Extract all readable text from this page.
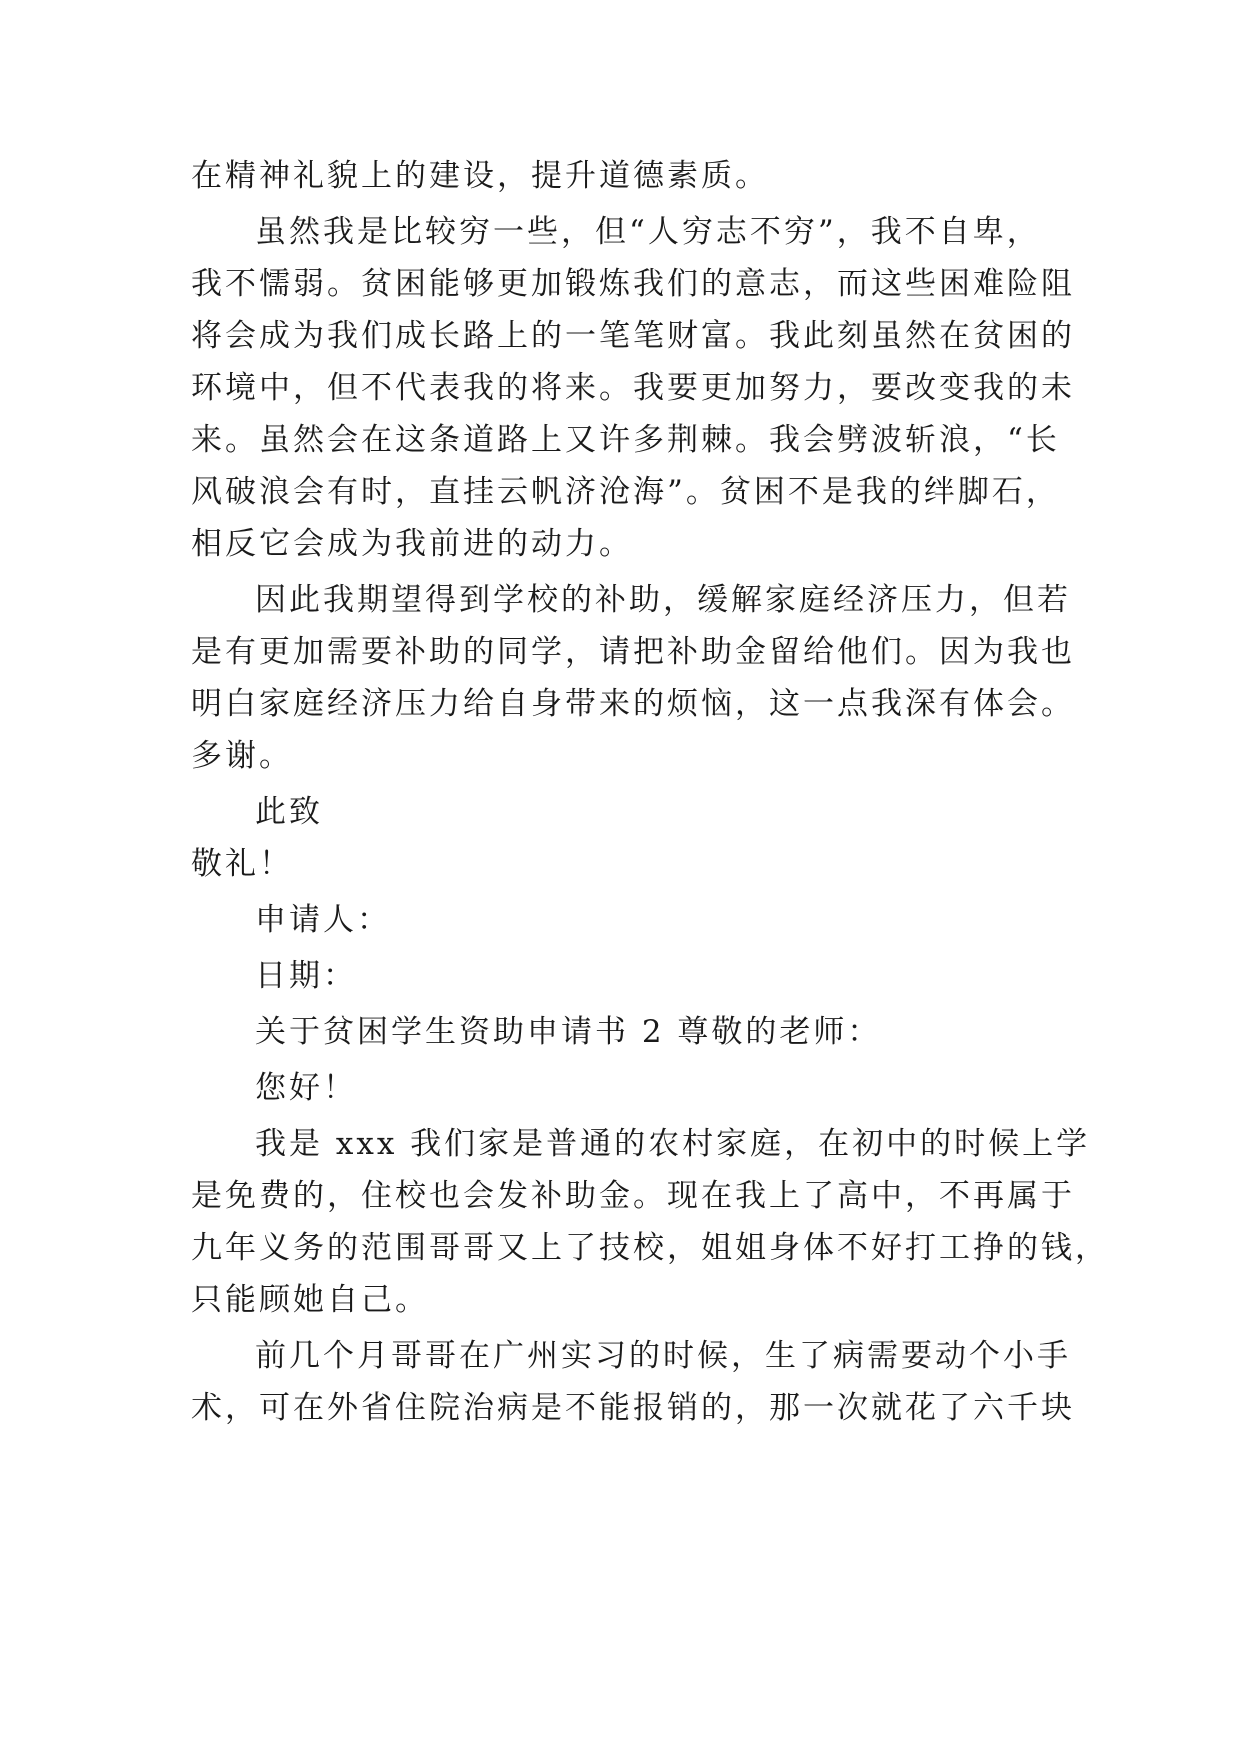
在精神礼貌上的建设，提升道德素质。
虽然我是比较穷一些，但“人穷志不穷”，我不自卑，
我不懦弱。贫困能够更加锻炼我们的意志，而这些困难险阻
将会成为我们成长路上的一笔笔财富。我此刻虽然在贫困的
环境中，但不代表我的将来。我要更加努力，要改变我的未
来。虽然会在这条道路上又许多荆棘。我会劈波斩浪，“长
风破浪会有时，直挂云帆济沧海”。贫困不是我的绊脚石，
相反它会成为我前进的动力。
因此我期望得到学校的补助，缓解家庭经济压力，但若
是有更加需要补助的同学，请把补助金留给他们。因为我也
明白家庭经济压力给自身带来的烦恼，这一点我深有体会。
多谢。
此致
敬礼！
申请人：
日期：
关于贫困学生资助申请书 2 尊敬的老师：
您好！
我是 xxx 我们家是普通的农村家庭，在初中的时候上学
是免费的，住校也会发补助金。现在我上了高中，不再属于
九年义务的范围哥哥又上了技校，姐姐身体不好打工挣的钱，
只能顾她自己。
前几个月哥哥在广州实习的时候，生了病需要动个小手
术，可在外省住院治病是不能报销的，那一次就花了六千块
